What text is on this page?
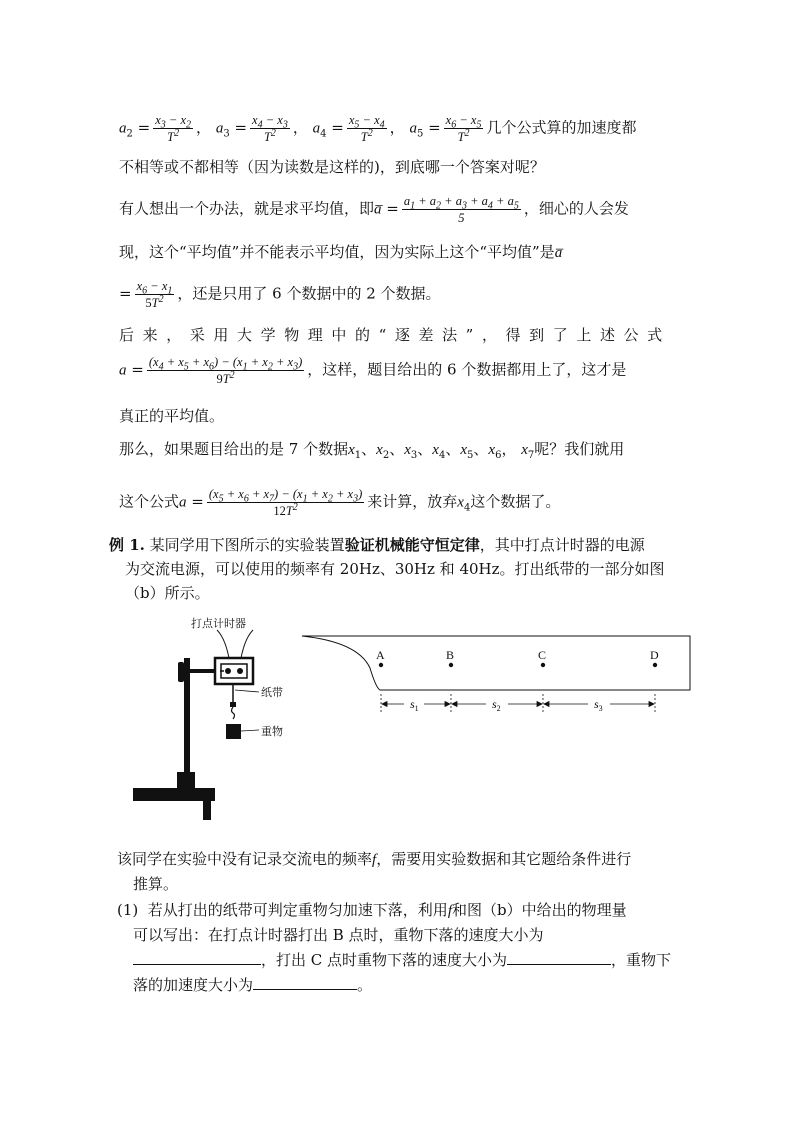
$a_2 = \frac{x_3 - x_2}{T^2}$ ， $a_3 = \frac{x_4 - x_3}{T^2}$ ， $a_4 = \frac{x_5 - x_4}{T^2}$ ， $a_5 = \frac{x_6 - x_5}{T^2}$ 几个公式算的加速度都
不相等或不都相等（因为读数是这样的)，到底哪一个答案对呢？
有人想出一个办法，就是求平均值，即a̅ = $\frac{a_1 + a_2 + a_3 + a_4 + a_5}{5}$ ，细心的人会发
现，这个“平均值”并不能表示平均值，因为实际上这个“平均值”是a̅
= $\frac{x_6 - x_1}{5T^2}$ ，还是只用了 6 个数据中的 2 个数据。
后来，采用大学物理中的“逐差法”，得到了上述公式
$a = \frac{(x_4 + x_5 + x_6) - (x_1 + x_2 + x_3)}{9T^2}$ ，这样，题目给出的 6 个数据都用上了，这才是
真正的平均值。
那么，如果题目给出的是 7 个数据$x_1$、$x_2$、$x_3$、$x_4$、$x_5$、$x_6$， $x_7$呢？我们就用
这个公式$a = \frac{(x_5 + x_6 + x_7) - (x_1 + x_2 + x_3)}{12T^2}$ 来计算，放弃$x_4$这个数据了。
例 1. 某同学用下图所示的实验装置验证机械能守恒定律，其中打点计时器的电源
为交流电源，可以使用的频率有 20Hz、30Hz 和 40Hz。打出纸带的一部分如图
（b）所示。
打点计时器
纸带
重物
A	B	C	D
$s_1$	$s_2$	$s_3$
该同学在实验中没有记录交流电的频率f，需要用实验数据和其它题给条件进行
推算。
(1) 若从打出的纸带可判定重物匀加速下落，利用f和图（b）中给出的物理量
可以写出：在打点计时器打出 B 点时，重物下落的速度大小为
，打出 C 点时重物下落的速度大小为	，重物下
落的加速度大小为	。
